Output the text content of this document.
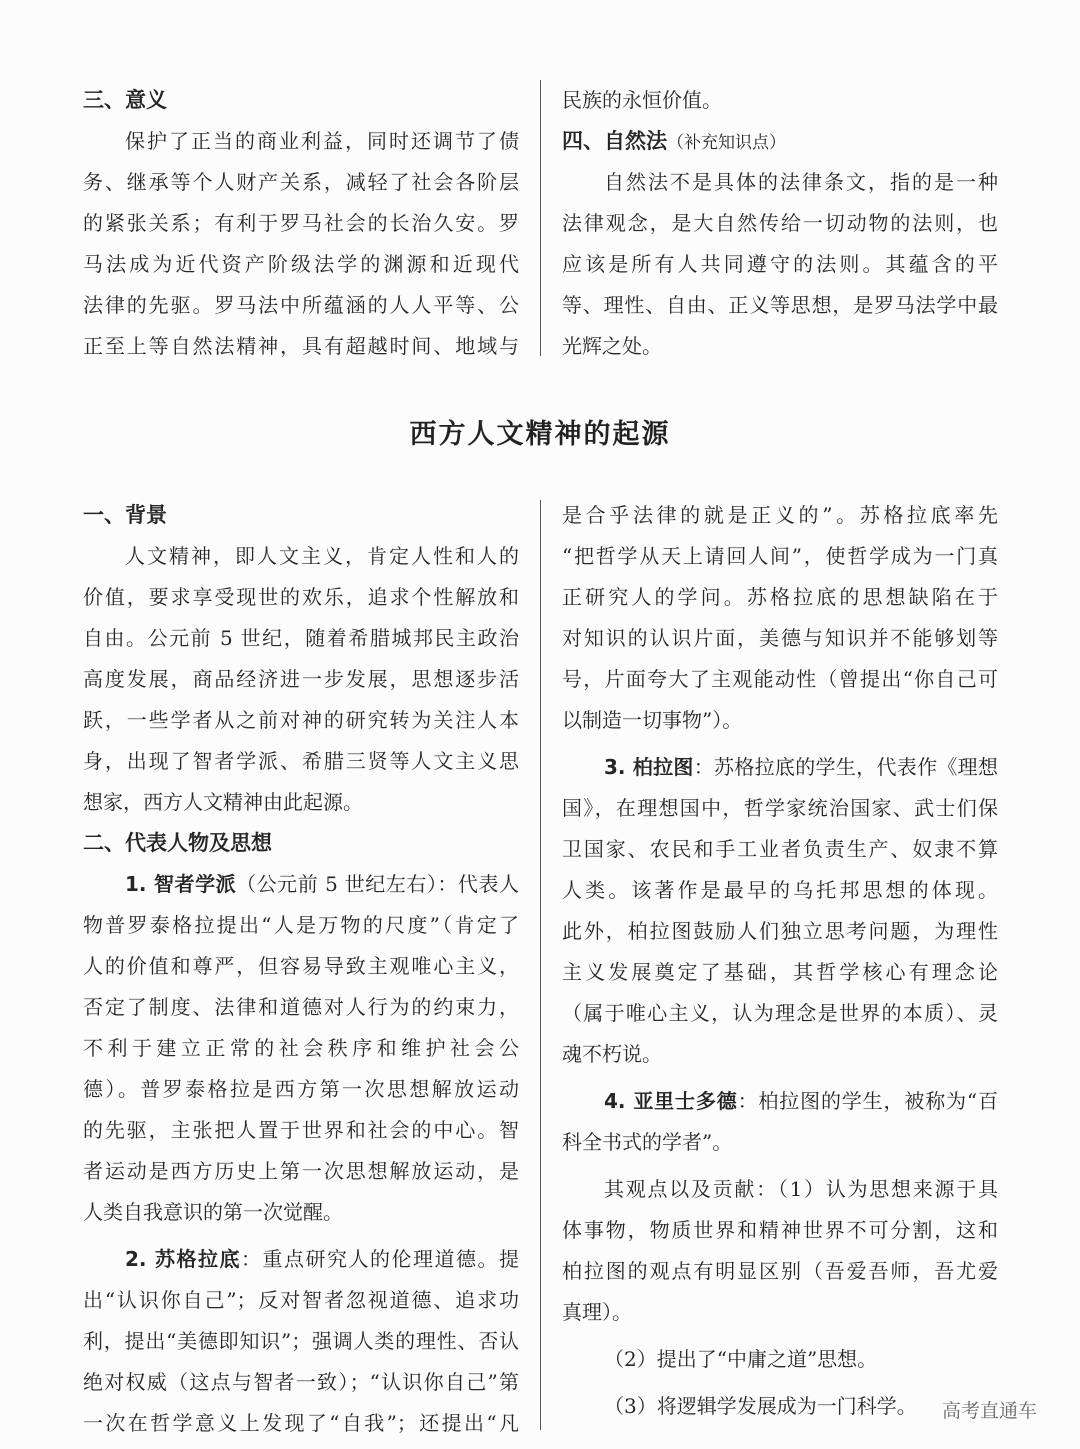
三、意义
保护了正当的商业利益，同时还调节了债
务、继承等个人财产关系，减轻了社会各阶层
的紧张关系；有利于罗马社会的长治久安。罗
马法成为近代资产阶级法学的渊源和近现代
法律的先驱。罗马法中所蕴涵的人人平等、公
正至上等自然法精神，具有超越时间、地域与
民族的永恒价值。
四、自然法（补充知识点）
自然法不是具体的法律条文，指的是一种
法律观念，是大自然传给一切动物的法则，也
应该是所有人共同遵守的法则。其蕴含的平
等、理性、自由、正义等思想，是罗马法学中最
光辉之处。
西方人文精神的起源
一、背景
人文精神，即人文主义，肯定人性和人的
价值，要求享受现世的欢乐，追求个性解放和
自由。公元前 5 世纪，随着希腊城邦民主政治
高度发展，商品经济进一步发展，思想逐步活
跃，一些学者从之前对神的研究转为关注人本
身，出现了智者学派、希腊三贤等人文主义思
想家，西方人文精神由此起源。
二、代表人物及思想
1. 智者学派（公元前 5 世纪左右）：代表人
物普罗泰格拉提出“人是万物的尺度”（肯定了
人的价值和尊严，但容易导致主观唯心主义，
否定了制度、法律和道德对人行为的约束力，
不利于建立正常的社会秩序和维护社会公
德）。普罗泰格拉是西方第一次思想解放运动
的先驱，主张把人置于世界和社会的中心。智
者运动是西方历史上第一次思想解放运动，是
人类自我意识的第一次觉醒。
2. 苏格拉底：重点研究人的伦理道德。提
出“认识你自己”；反对智者忽视道德、追求功
利，提出“美德即知识”；强调人类的理性、否认
绝对权威（这点与智者一致）；“认识你自己”第
一次在哲学意义上发现了“自我”；还提出“凡
是合乎法律的就是正义的”。苏格拉底率先
“把哲学从天上请回人间”，使哲学成为一门真
正研究人的学问。苏格拉底的思想缺陷在于
对知识的认识片面，美德与知识并不能够划等
号，片面夸大了主观能动性（曾提出“你自己可
以制造一切事物”）。
3. 柏拉图：苏格拉底的学生，代表作《理想
国》，在理想国中，哲学家统治国家、武士们保
卫国家、农民和手工业者负责生产、奴隶不算
人类。该著作是最早的乌托邦思想的体现。
此外，柏拉图鼓励人们独立思考问题，为理性
主义发展奠定了基础，其哲学核心有理念论
（属于唯心主义，认为理念是世界的本质）、灵
魂不朽说。
4. 亚里士多德：柏拉图的学生，被称为“百
科全书式的学者”。
其观点以及贡献：（1）认为思想来源于具
体事物，物质世界和精神世界不可分割，这和
柏拉图的观点有明显区别（吾爱吾师，吾尤爱
真理）。
（2）提出了“中庸之道”思想。
（3）将逻辑学发展成为一门科学。	高考直通车
